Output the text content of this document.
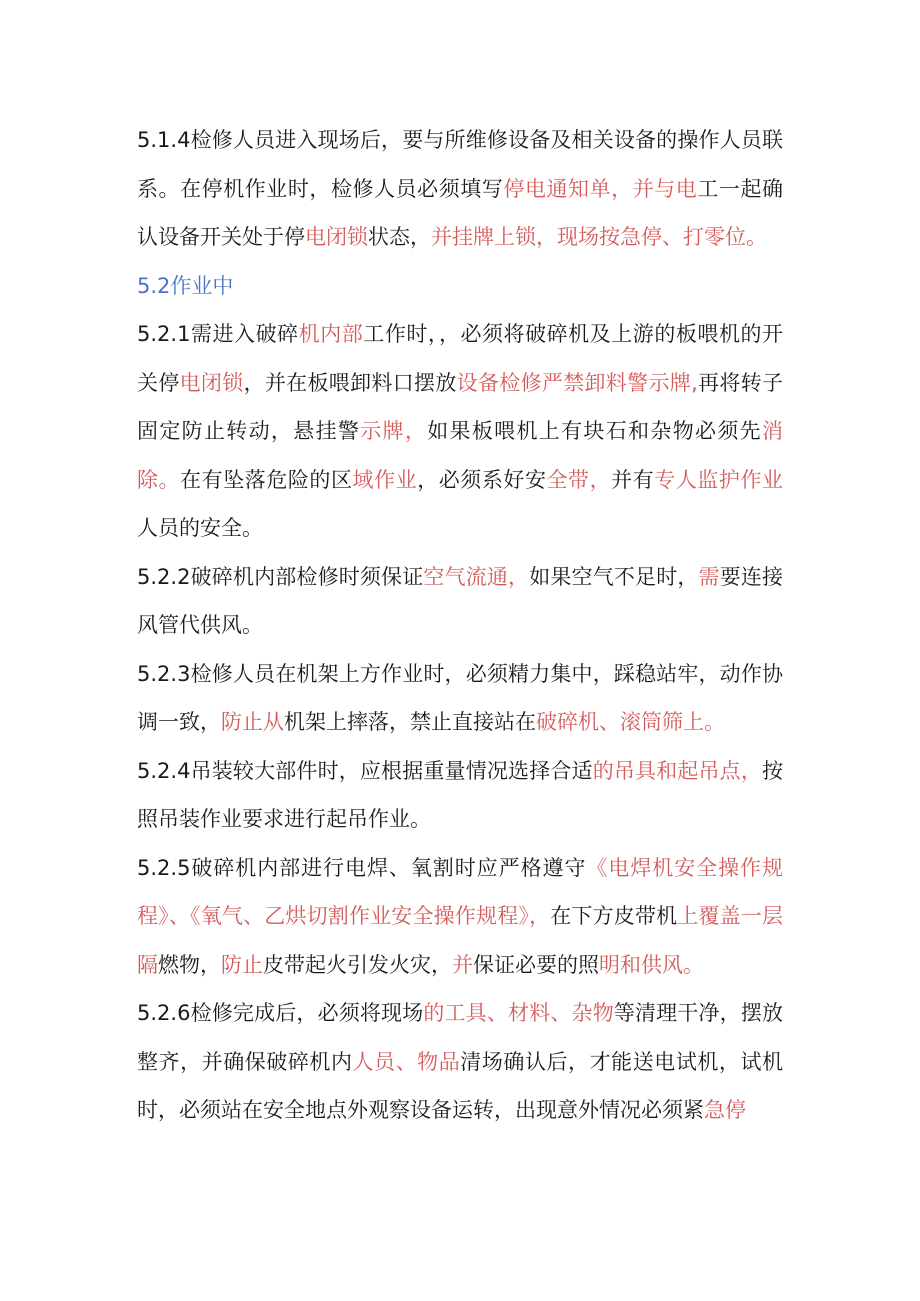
5.1.4检修人员进入现场后，要与所维修设备及相关设备的操作人员联系。在停机作业时，检修人员必须填写停电通知单，并与电工一起确认设备开关处于停电闭锁状态，并挂牌上锁，现场按急停、打零位。

5.2作业中

5.2.1需进入破碎机内部工作时，，必须将破碎机及上游的板喂机的开关停电闭锁，并在板喂卸料口摆放设备检修严禁卸料警示牌,再将转子固定防止转动，悬挂警示牌，如果板喂机上有块石和杂物必须先消除。在有坠落危险的区域作业，必须系好安全带，并有专人监护作业人员的安全。

5.2.2破碎机内部检修时须保证空气流通，如果空气不足时，需要连接风管代供风。

5.2.3检修人员在机架上方作业时，必须精力集中，踩稳站牢，动作协调一致，防止从机架上摔落，禁止直接站在破碎机、滚筒筛上。

5.2.4吊装较大部件时，应根据重量情况选择合适的吊具和起吊点，按照吊装作业要求进行起吊作业。

5.2.5破碎机内部进行电焊、氧割时应严格遵守《电焊机安全操作规程》、《氧气、乙烘切割作业安全操作规程》，在下方皮带机上覆盖一层隔燃物，防止皮带起火引发火灾，并保证必要的照明和供风。

5.2.6检修完成后，必须将现场的工具、材料、杂物等清理干净，摆放整齐，并确保破碎机内人员、物品清场确认后，才能送电试机，试机时，必须站在安全地点外观察设备运转，出现意外情况必须紧急停
